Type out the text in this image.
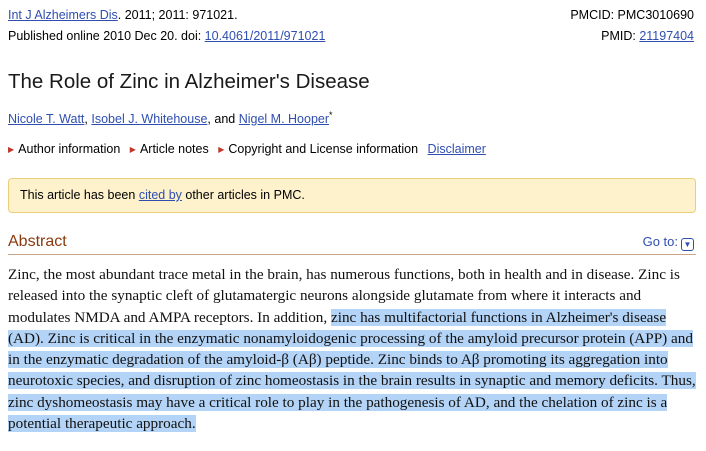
Int J Alzheimers Dis. 2011; 2011: 971021.	PMCID: PMC3010690
Published online 2010 Dec 20. doi: 10.4061/2011/971021	PMID: 21197404
The Role of Zinc in Alzheimer's Disease
Nicole T. Watt, Isobel J. Whitehouse, and Nigel M. Hooper*
▶ Author information ▶ Article notes ▶ Copyright and License information Disclaimer
This article has been cited by other articles in PMC.
Abstract	Go to: ▼

Zinc, the most abundant trace metal in the brain, has numerous functions, both in health and in disease. Zinc is released into the synaptic cleft of glutamatergic neurons alongside glutamate from where it interacts and modulates NMDA and AMPA receptors. In addition, zinc has multifactorial functions in Alzheimer's disease (AD). Zinc is critical in the enzymatic nonamyloidogenic processing of the amyloid precursor protein (APP) and in the enzymatic degradation of the amyloid-β (Aβ) peptide. Zinc binds to Aβ promoting its aggregation into neurotoxic species, and disruption of zinc homeostasis in the brain results in synaptic and memory deficits. Thus, zinc dyshomeostasis may have a critical role to play in the pathogenesis of AD, and the chelation of zinc is a potential therapeutic approach.
